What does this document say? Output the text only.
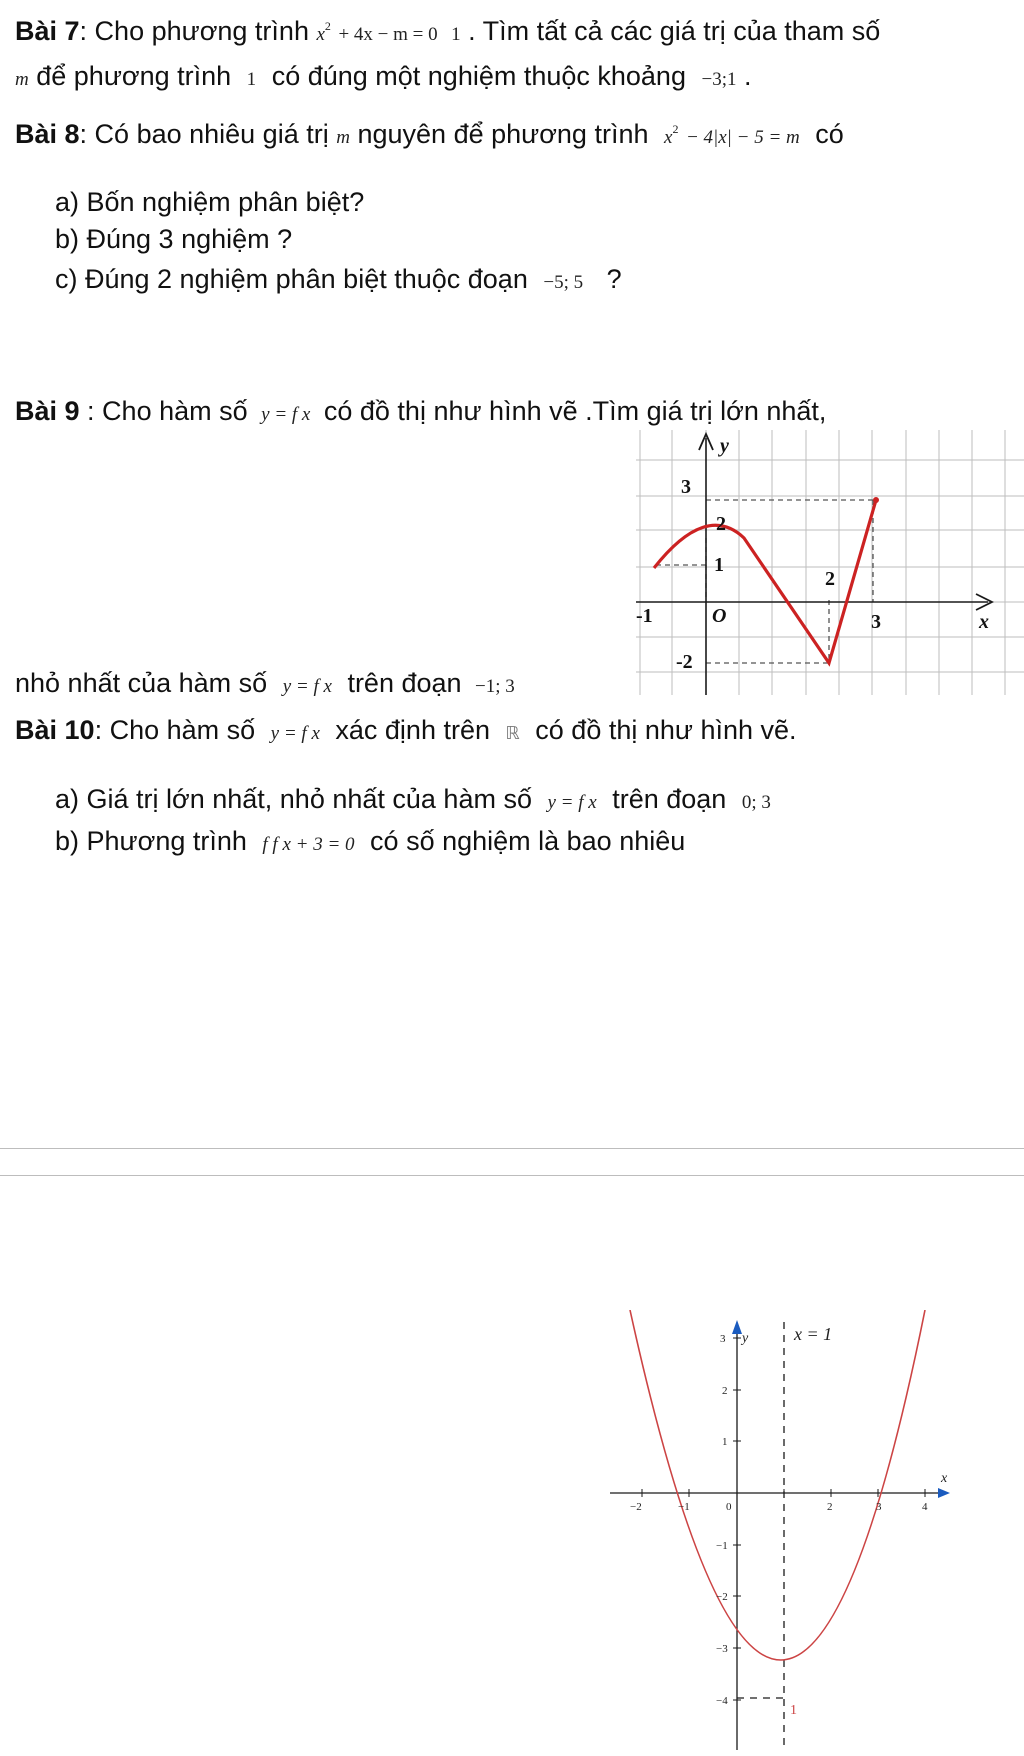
Bài 7: Cho phương trình $x^2 + 4x - m = 0$ 1 . Tìm tất cả các giá trị của tham số
m để phương trình 1 có đúng một nghiệm thuộc khoảng −3;1 .
Bài 8: Có bao nhiêu giá trị m nguyên để phương trình $x^2 - 4|x| - 5 = m$ có
a) Bốn nghiệm phân biệt?
b) Đúng 3 nghiệm ?
c) Đúng 2 nghiệm phân biệt thuộc đoạn −5; 5 ?
Bài 9 : Cho hàm số y = f x có đồ thị như hình vẽ .Tìm giá trị lớn nhất,
nhỏ nhất của hàm số y = f x trên đoạn −1; 3
y
x
3
2
1
2
-1	O	3
-2
Bài 10: Cho hàm số y = f x xác định trên ℝ có đồ thị như hình vẽ.
a) Giá trị lớn nhất, nhỏ nhất của hàm số y = f x trên đoạn 0; 3
b) Phương trình f f x + 3 = 0 có số nghiệm là bao nhiêu
−2	−1	0	2	3	4
3
2
1
−1
−2
−3
−4
y
x
x = 1
1
